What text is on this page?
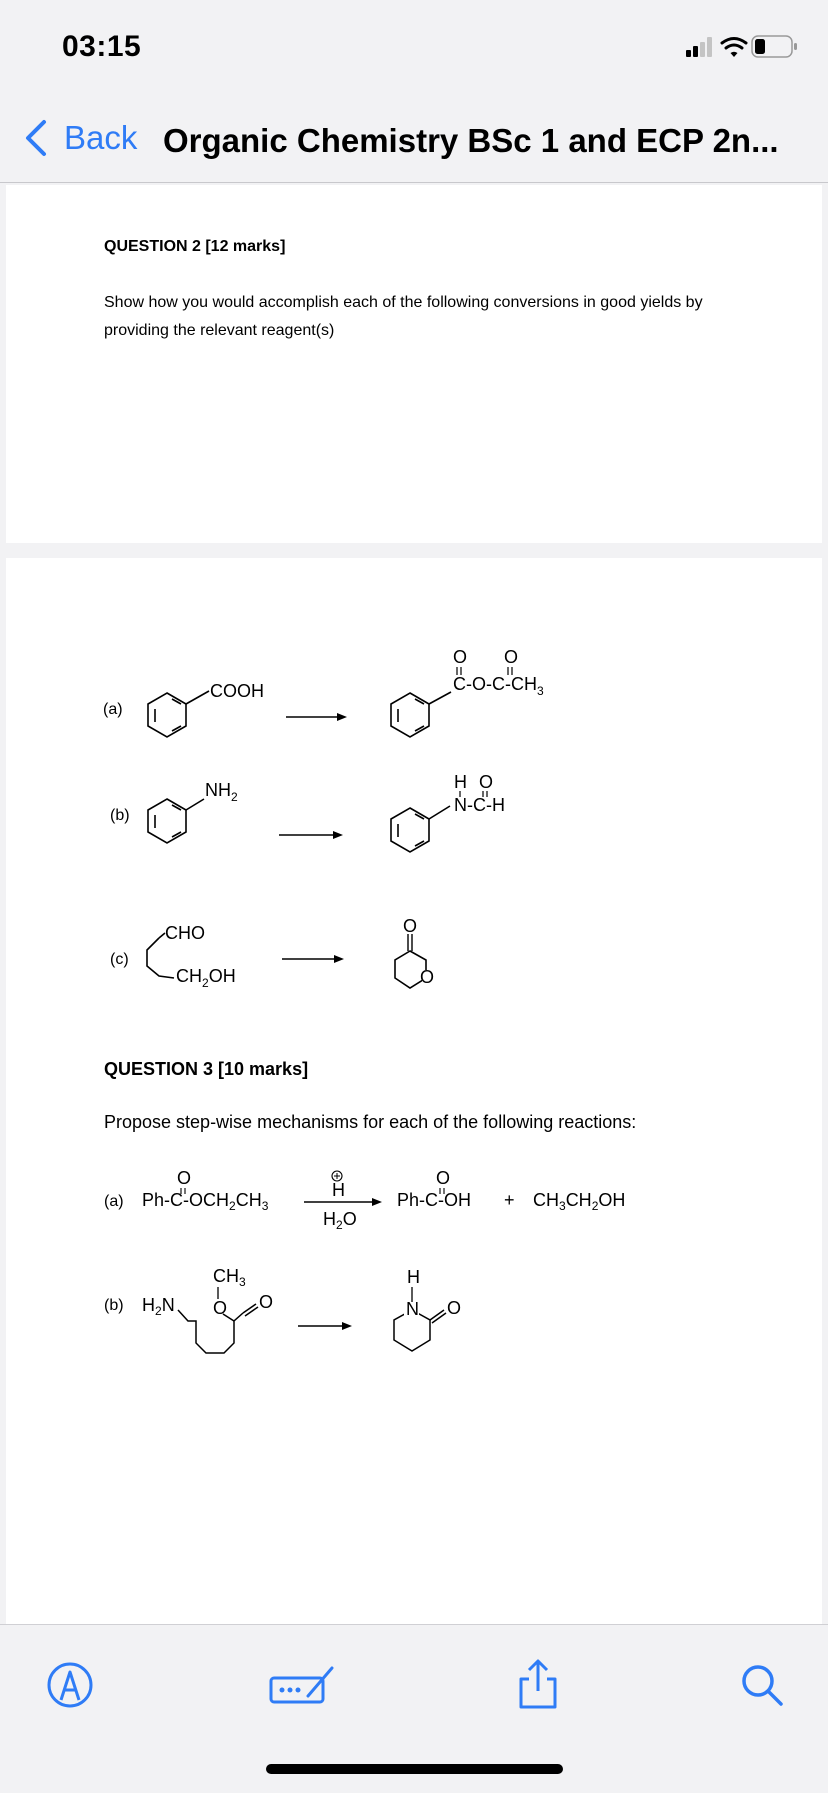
03:15
Back Organic Chemistry BSc 1 and ECP 2n...
QUESTION 2 [12 marks]
Show how you would accomplish each of the following conversions in good yields by
providing the relevant reagent(s)
(a)
COOH	$C-O-C-CH_3$
O O
(b)
$NH_2$
H O
N-C-H
(c)
CHO
$CH_2OH$	O
O
QUESTION 3 [10 marks]
Propose step-wise mechanisms for each of the following reactions:
(a) $Ph-C-OCH_2CH_3$
O
H
$H_2O$
Ph-C-OH
O
+ $CH_3CH_2OH$
(b) $H_2N$	O
O
$CH_3$
N
H
O
